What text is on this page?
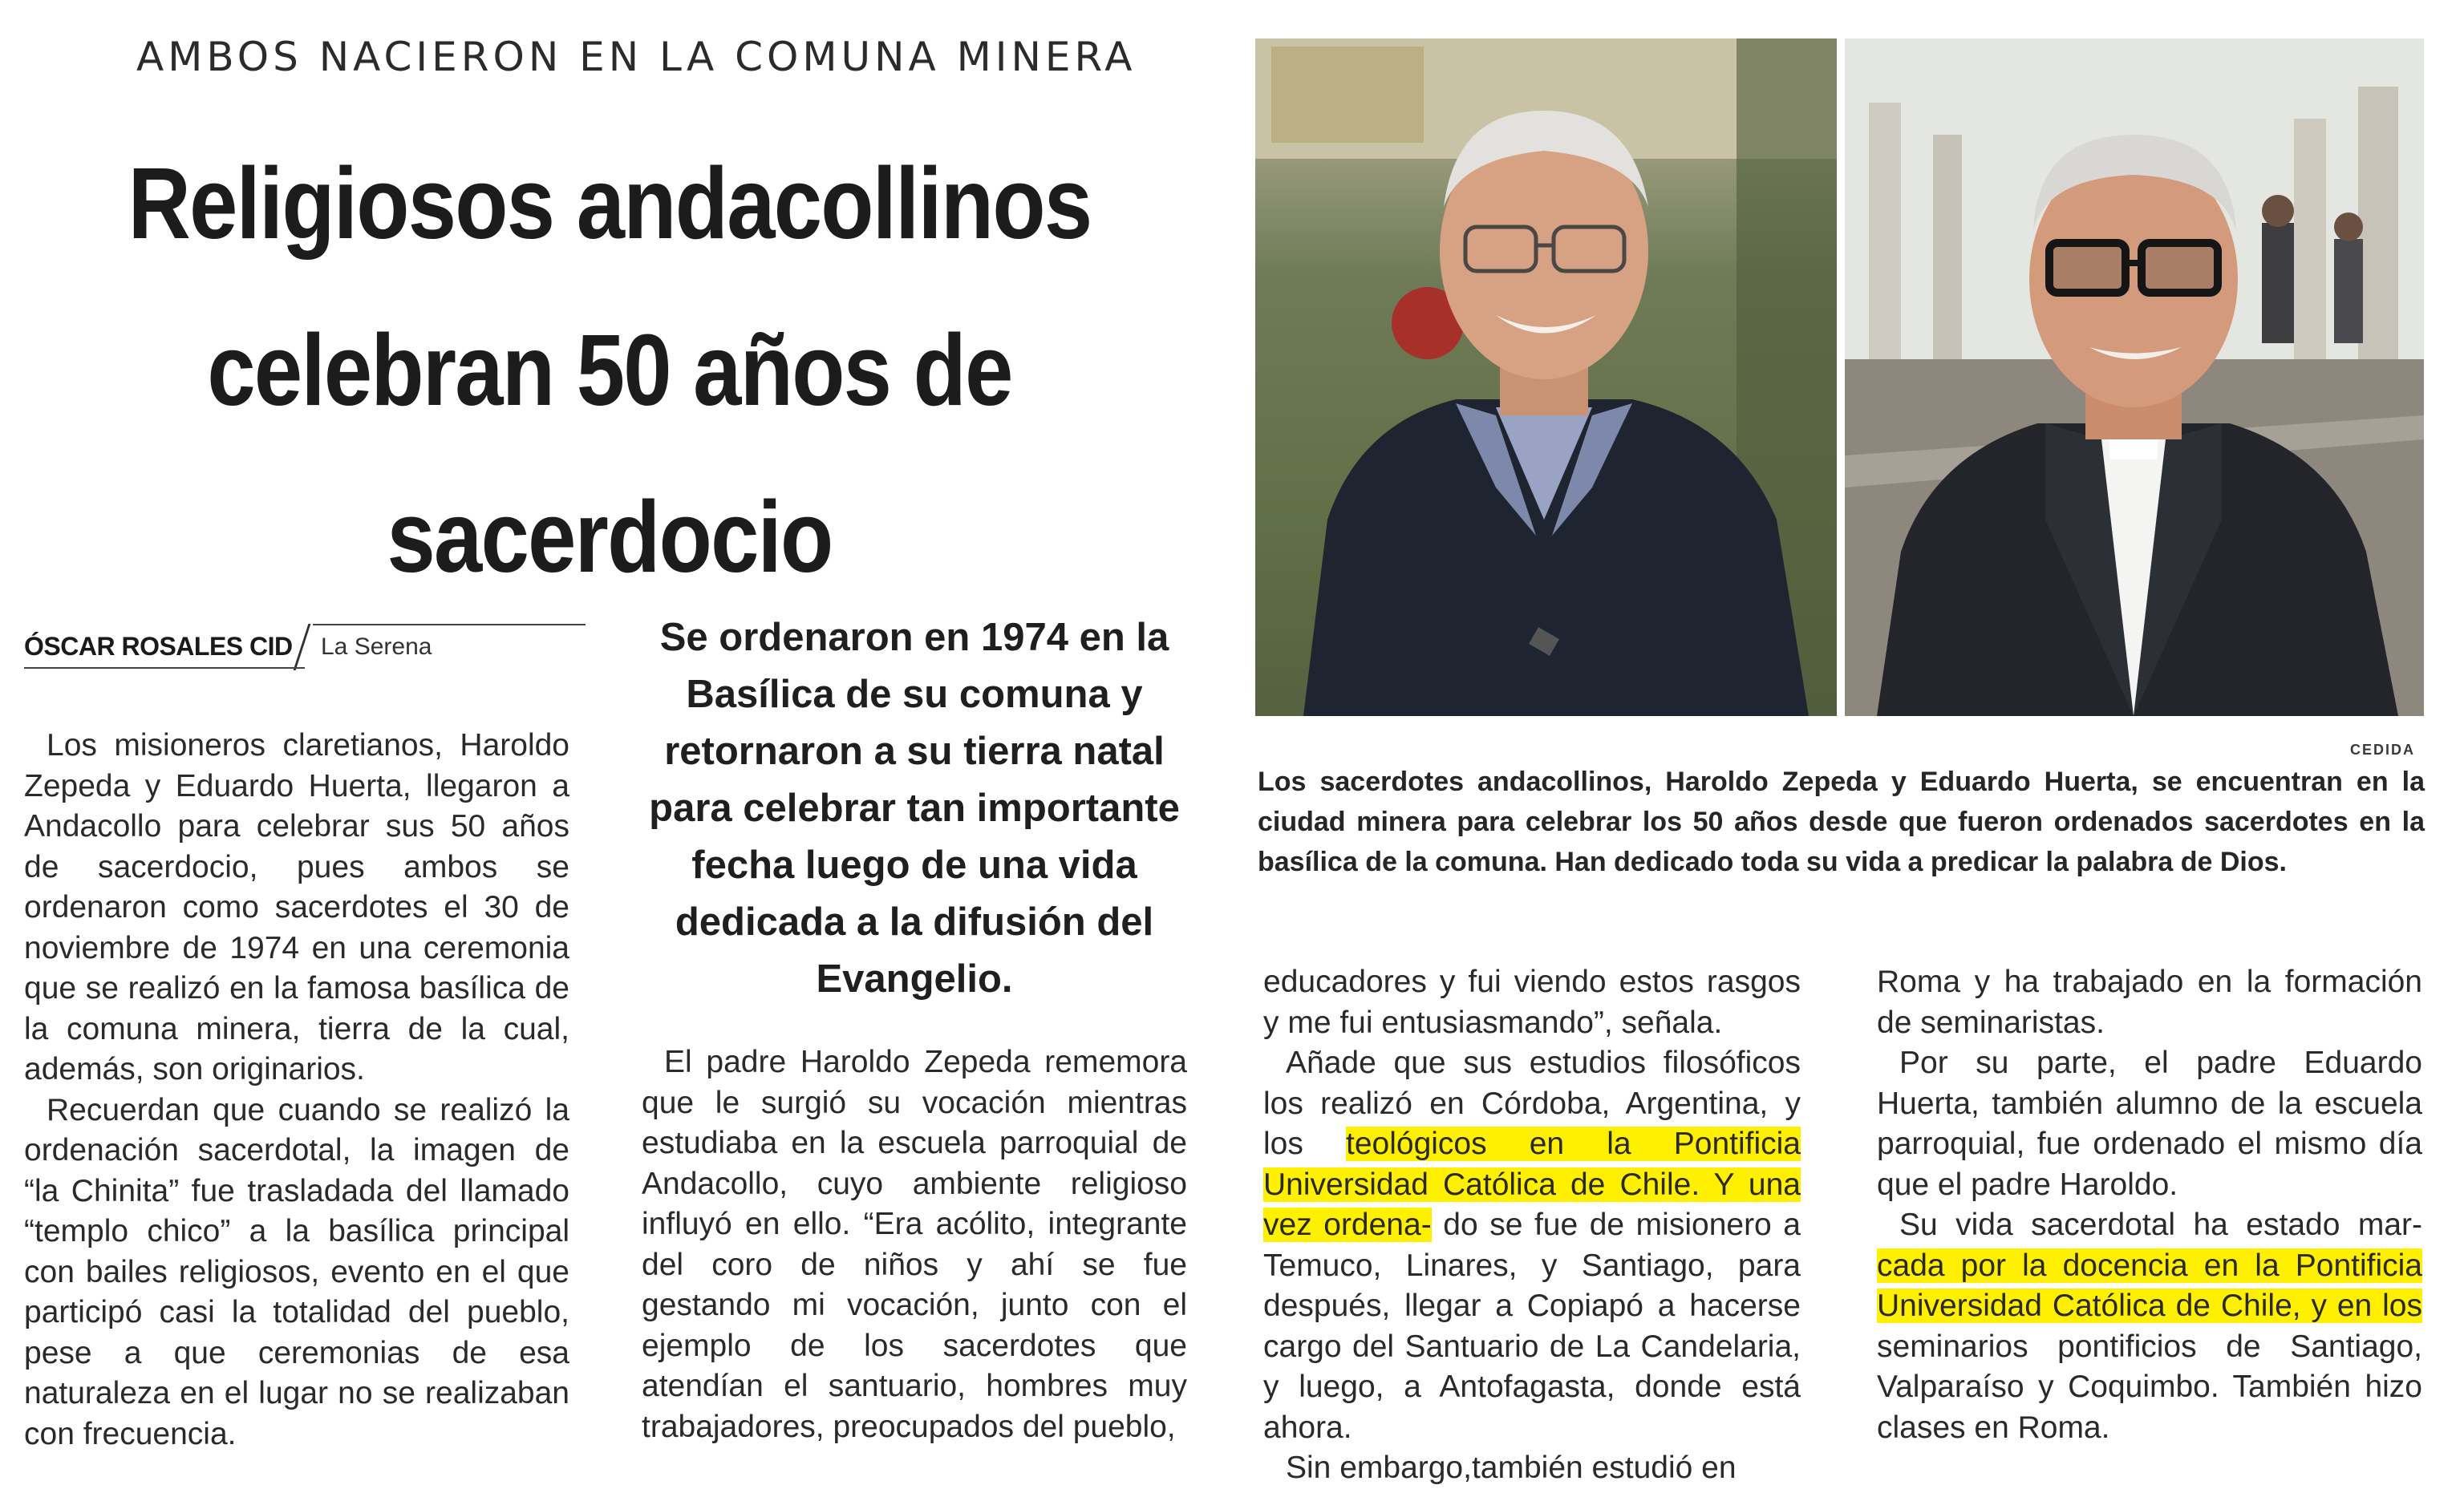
AMBOS NACIERON EN LA COMUNA MINERA
Religiosos andacollinos
celebran 50 años de
sacerdocio
ÓSCAR ROSALES CID La Serena

Los misioneros claretianos, Haroldo Zepeda y Eduardo Huerta, llegaron a Andacollo para celebrar sus 50 años de sacerdocio, pues ambos se ordenaron como sacerdotes el 30 de noviembre de 1974 en una ceremonia que se realizó en la famosa basílica de la comuna minera, tierra de la cual, además, son originarios.

Recuerdan que cuando se realizó la ordenación sacerdotal, la imagen de “la Chinita” fue trasladada del llamado “templo chico” a la basílica principal con bailes religiosos, evento en el que participó casi la totalidad del pueblo, pese a que ceremonias de esa naturaleza en el lugar no se realizaban con frecuencia.

Se ordenaron en 1974 en la Basílica de su comuna y retornaron a su tierra natal para celebrar tan importante fecha luego de una vida dedicada a la difusión del Evangelio.

El padre Haroldo Zepeda rememora que le surgió su vocación mientras estudiaba en la escuela parroquial de Andacollo, cuyo ambiente religioso influyó en ello. “Era acólito, integrante del coro de niños y ahí se fue gestando mi vocación, junto con el ejemplo de los sacerdotes que atendían el santuario, hombres muy trabajadores, preocupados del pueblo,

educadores y fui viendo estos rasgos y me fui entusiasmando”, señala.

Añade que sus estudios filosóficos los realizó en Córdoba, Argentina, y los teológicos en la Pontificia Universidad Católica de Chile. Y una vez ordena- do se fue de misionero a Temuco, Linares, y Santiago, para después, llegar a Copiapó a hacerse cargo del Santuario de La Candelaria, y luego, a Antofagasta, donde está ahora.

Sin embargo,también estudió en

Roma y ha trabajado en la formación de seminaristas.

Por su parte, el padre Eduardo Huerta, también alumno de la escuela parroquial, fue ordenado el mismo día que el padre Haroldo.

Su vida sacerdotal ha estado mar- cada por la docencia en la Pontificia Universidad Católica de Chile, y en los seminarios pontificios de Santiago, Valparaíso y Coquimbo. También hizo clases en Roma.

CEDIDA

Los sacerdotes andacollinos, Haroldo Zepeda y Eduardo Huerta, se encuentran en la ciudad minera para celebrar los 50 años desde que fueron ordenados sacerdotes en la basílica de la comuna. Han dedicado toda su vida a predicar la palabra de Dios.
